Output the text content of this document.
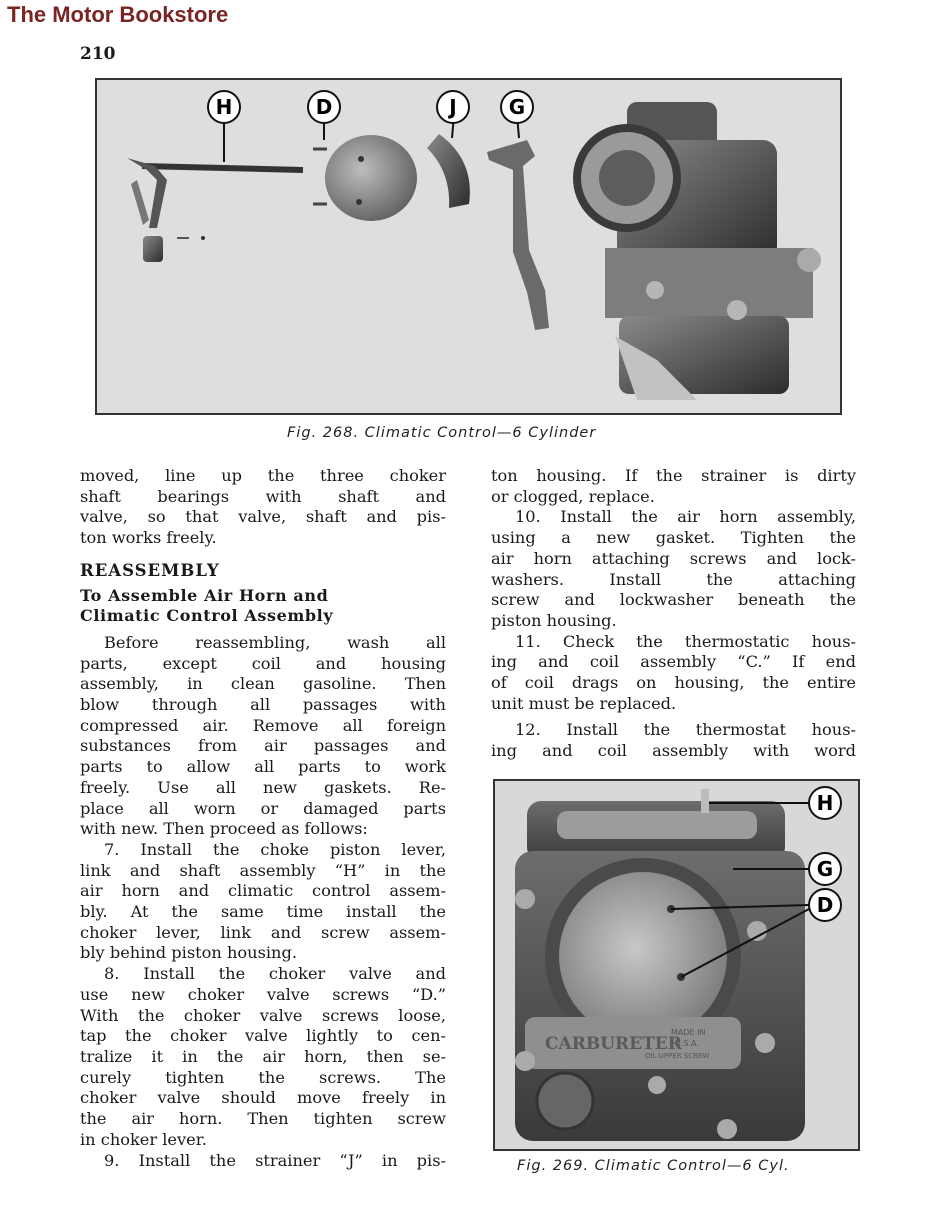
The Motor Bookstore
210
H	D	J	G
Fig. 268. Climatic Control—6 Cylinder

moved, line up the three choker

shaft bearings with shaft and

valve, so that valve, shaft and pis-

ton works freely.

REASSEMBLY

To Assemble Air Horn and

Climatic Control Assembly

Before reassembling, wash all

parts, except coil and housing

assembly, in clean gasoline. Then

blow through all passages with

compressed air. Remove all foreign

substances from air passages and

parts to allow all parts to work

freely. Use all new gaskets. Re-

place all worn or damaged parts

with new. Then proceed as follows:

7. Install the choke piston lever,

link and shaft assembly “H” in the

air horn and climatic control assem-

bly. At the same time install the

choker lever, link and screw assem-

bly behind piston housing.

8. Install the choker valve and

use new choker valve screws “D.”

With the choker valve screws loose,

tap the choker valve lightly to cen-

tralize it in the air horn, then se-

curely tighten the screws. The

choker valve should move freely in

the air horn. Then tighten screw

in choker lever.

9. Install the strainer “J” in pis-

ton housing. If the strainer is dirty

or clogged, replace.

10. Install the air horn assembly,

using a new gasket. Tighten the

air horn attaching screws and lock-

washers. Install the attaching

screw and lockwasher beneath the

piston housing.

11. Check the thermostatic hous-

ing and coil assembly “C.” If end

of coil drags on housing, the entire

unit must be replaced.

12. Install the thermostat hous-

ing and coil assembly with word

CARBURETER
MADE IN
U.S.A.
OIL UPPER SCREW
H
G
D
Fig. 269. Climatic Control—6 Cyl.
